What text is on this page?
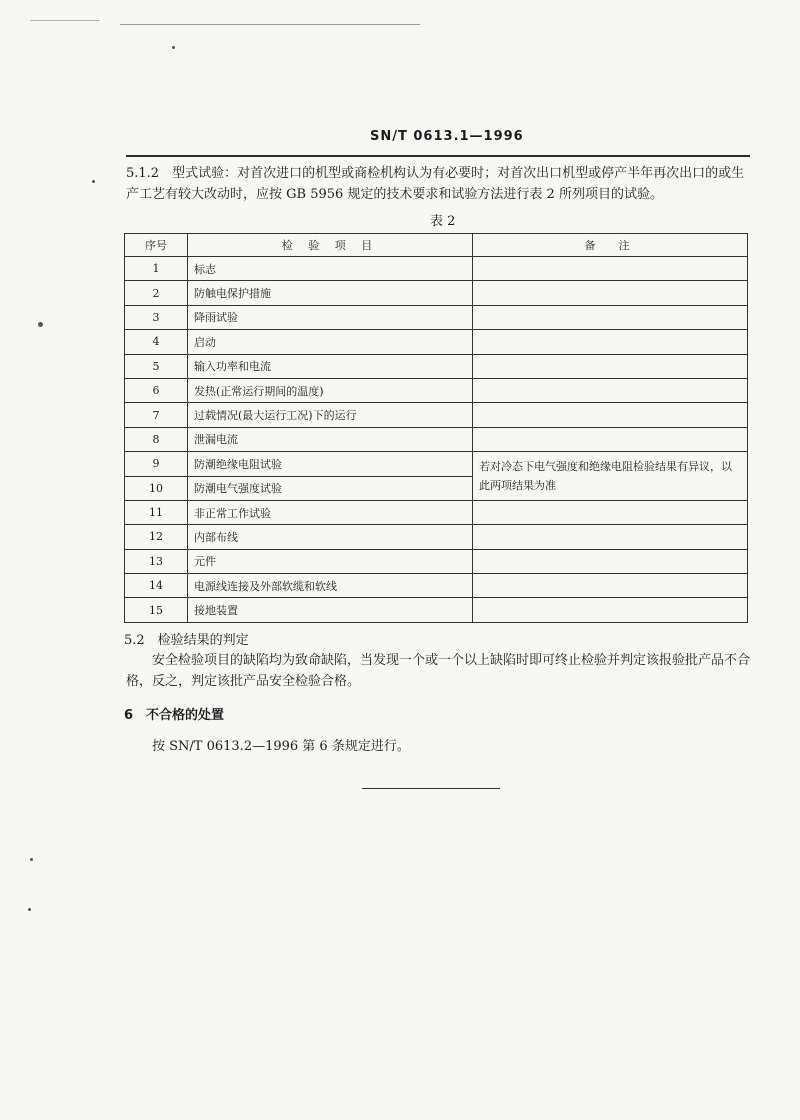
SN/T 0613.1—1996
5.1.2　型式试验：对首次进口的机型或商检机构认为有必要时；对首次出口机型或停产半年再次出口的或生产工艺有较大改动时，应按 GB 5956 规定的技术要求和试验方法进行表 2 所列项目的试验。
表 2
序号	检 验 项 目	备　注
1	标志	
2	防触电保护措施	
3	降雨试验	
4	启动	
5	输入功率和电流	
6	发热(正常运行期间的温度)	
7	过载情况(最大运行工况)下的运行	
8	泄漏电流	
9	防潮绝缘电阻试验	若对冷态下电气强度和绝缘电阻检验结果有异议，以此两项结果为准
10	防潮电气强度试验	
11	非正常工作试验	
12	内部布线	
13	元件	
14	电源线连接及外部软缆和软线	
15	接地装置	
5.2　检验结果的判定
安全检验项目的缺陷均为致命缺陷，当发现一个或一个以上缺陷时即可终止检验并判定该报验批产品不合格，反之，判定该批产品安全检验合格。
6　不合格的处置
按 SN/T 0613.2—1996 第 6 条规定进行。
